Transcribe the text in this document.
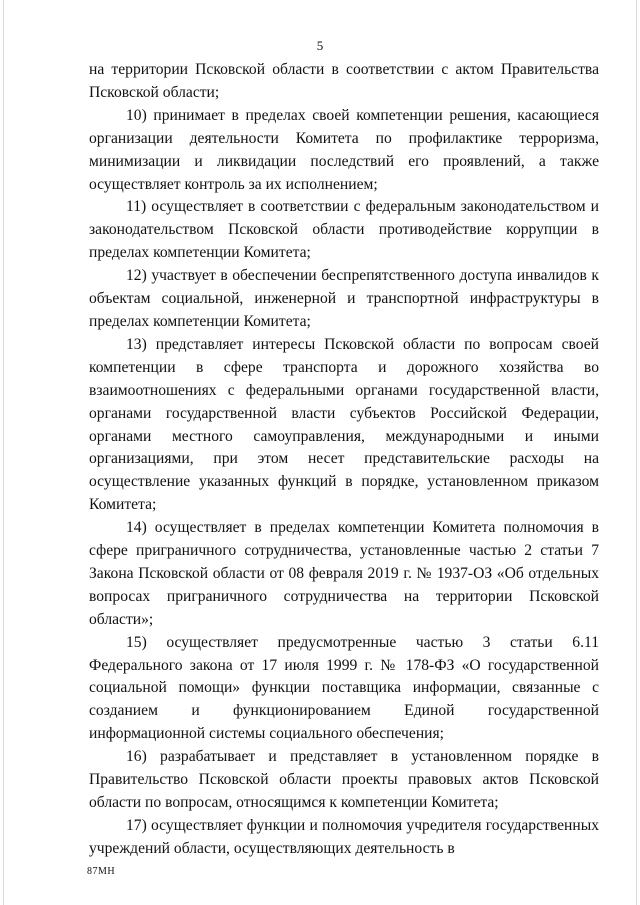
5

на территории Псковской области в соответствии с актом Правительства Псковской области;

10) принимает в пределах своей компетенции решения, касающиеся организации деятельности Комитета по профилактике терроризма, минимизации и ликвидации последствий его проявлений, а также осуществляет контроль за их исполнением;

11) осуществляет в соответствии с федеральным законодательством и законодательством Псковской области противодействие коррупции в пределах компетенции Комитета;

12) участвует в обеспечении беспрепятственного доступа инвалидов к объектам социальной, инженерной и транспортной инфраструктуры в пределах компетенции Комитета;

13) представляет интересы Псковской области по вопросам своей компетенции в сфере транспорта и дорожного хозяйства во взаимоотношениях с федеральными органами государственной власти, органами государственной власти субъектов Российской Федерации, органами местного самоуправления, международными и иными организациями, при этом несет представительские расходы на осуществление указанных функций в порядке, установленном приказом Комитета;

14) осуществляет в пределах компетенции Комитета полномочия в сфере приграничного сотрудничества, установленные частью 2 статьи 7 Закона Псковской области от 08 февраля 2019 г. № 1937-ОЗ «Об отдельных вопросах приграничного сотрудничества на территории Псковской области»;

15) осуществляет предусмотренные частью 3 статьи 6.11 Федерального закона от 17 июля 1999 г. № 178-ФЗ «О государственной социальной помощи» функции поставщика информации, связанные с созданием и функционированием Единой государственной информационной системы социального обеспечения;

16) разрабатывает и представляет в установленном порядке в Правительство Псковской области проекты правовых актов Псковской области по вопросам, относящимся к компетенции Комитета;

17) осуществляет функции и полномочия учредителя государственных учреждений области, осуществляющих деятельность в

87MH
